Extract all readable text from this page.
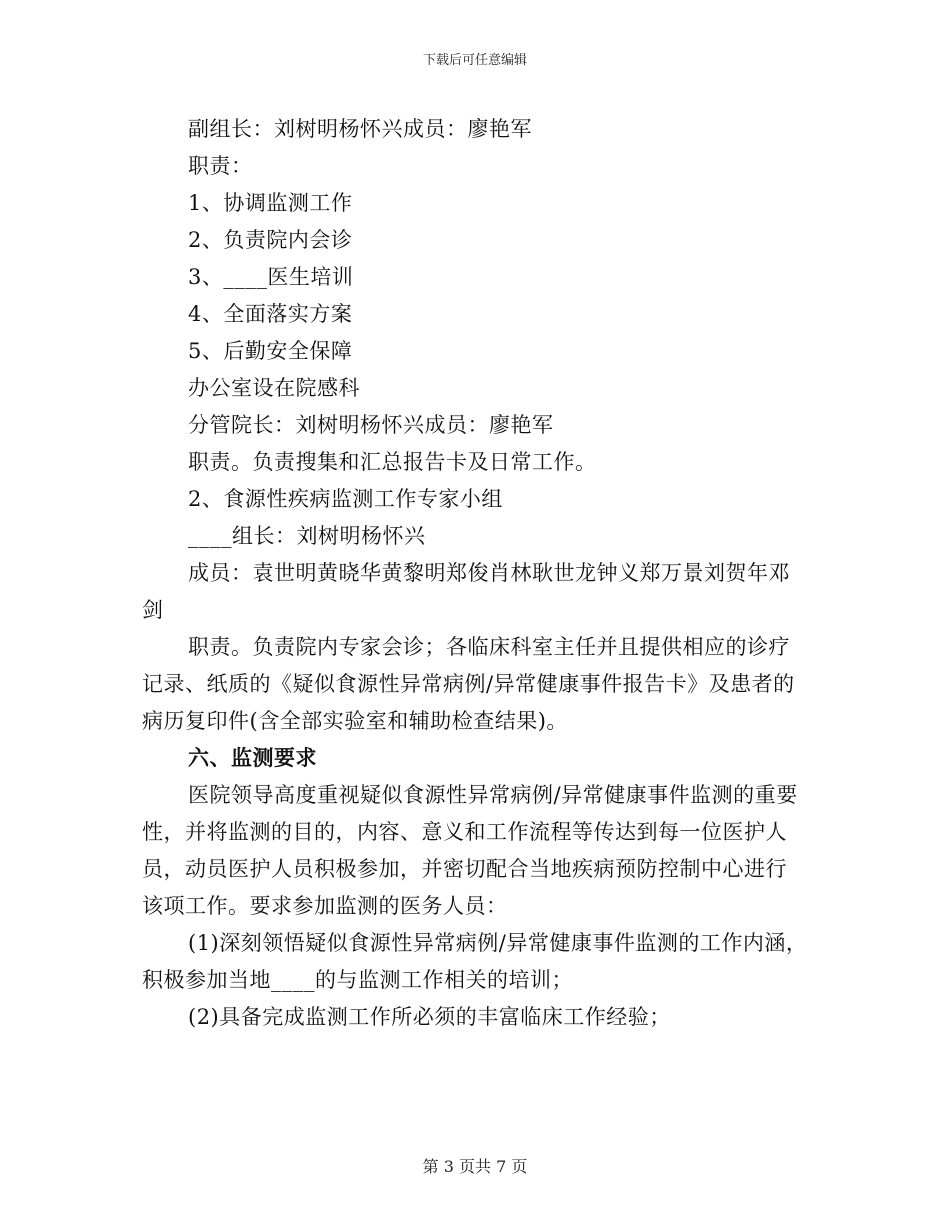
下载后可任意编辑
副组长：刘树明杨怀兴成员：廖艳军
职责：
1、协调监测工作
2、负责院内会诊
3、____医生培训
4、全面落实方案
5、后勤安全保障
办公室设在院感科
分管院长：刘树明杨怀兴成员：廖艳军
职责。负责搜集和汇总报告卡及日常工作。
2、食源性疾病监测工作专家小组
____组长：刘树明杨怀兴
成员：袁世明黄晓华黄黎明郑俊肖林耿世龙钟义郑万景刘贺年邓
剑
职责。负责院内专家会诊；各临床科室主任并且提供相应的诊疗
记录、纸质的《疑似食源性异常病例/异常健康事件报告卡》及患者的
病历复印件(含全部实验室和辅助检查结果)。
六、监测要求
医院领导高度重视疑似食源性异常病例/异常健康事件监测的重要
性，并将监测的目的，内容、意义和工作流程等传达到每一位医护人
员，动员医护人员积极参加，并密切配合当地疾病预防控制中心进行
该项工作。要求参加监测的医务人员：
(1)深刻领悟疑似食源性异常病例/异常健康事件监测的工作内涵，
积极参加当地____的与监测工作相关的培训；
(2)具备完成监测工作所必须的丰富临床工作经验；
第 3 页共 7 页
